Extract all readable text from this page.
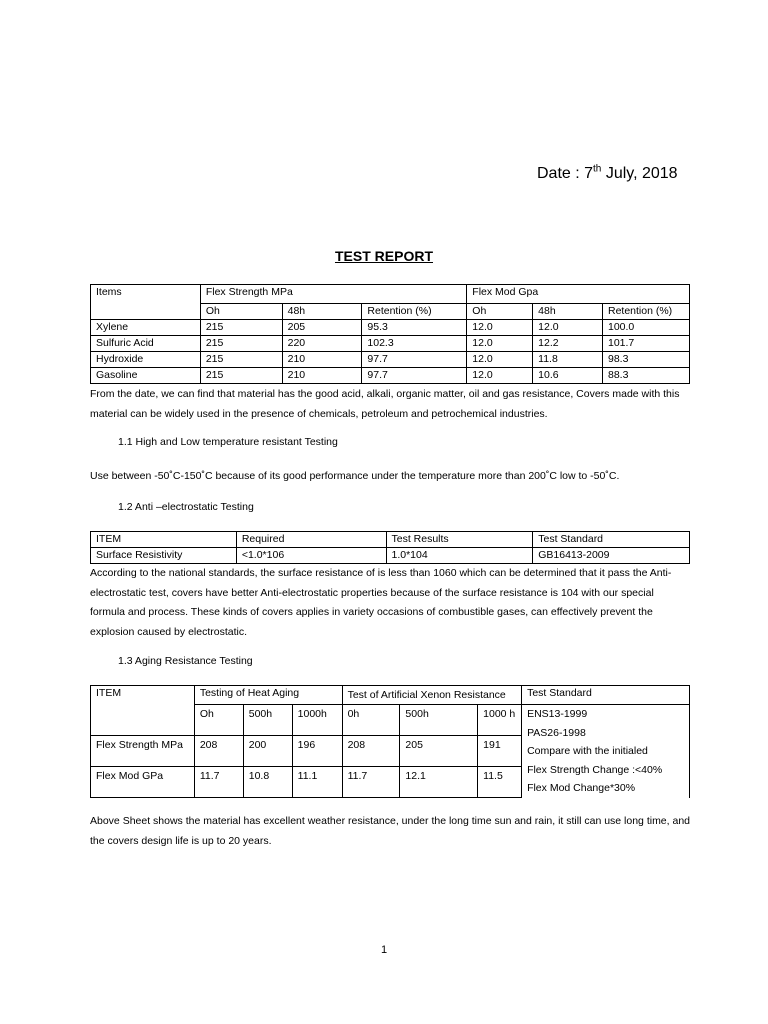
Date : 7th July, 2018
TEST REPORT
Items	Flex Strength MPa			Flex Mod Gpa		
	Oh	48h	Retention (%)	Oh	48h	Retention (%)
Xylene	215	205	95.3	12.0	12.0	100.0
Sulfuric Acid	215	220	102.3	12.0	12.2	101.7
Hydroxide	215	210	97.7	12.0	11.8	98.3
Gasoline	215	210	97.7	12.0	10.6	88.3
From the date, we can find that material has the good acid, alkali, organic matter, oil and gas resistance, Covers made with this material can be widely used in the presence of chemicals, petroleum and petrochemical industries.
1.1 High and Low temperature resistant Testing
Use between -50˚C-150˚C because of its good performance under the temperature more than 200˚C low to -50˚C.
1.2 Anti –electrostatic Testing
ITEM	Required	Test Results	Test Standard
Surface Resistivity	<1.0*106	1.0*104	GB16413-2009
According to the national standards, the surface resistance of is less than 1060 which can be determined that it pass the Anti-electrostatic test, covers have better Anti-electrostatic properties because of the surface resistance is 104 with our special formula and process. These kinds of covers applies in variety occasions of combustible gases, can effectively prevent the explosion caused by electrostatic.
1.3 Aging Resistance Testing
ITEM	Testing of Heat Aging			Test of Artificial Xenon Resistance			Test Standard
	Oh	500h	1000h	0h	500h	1000 h	ENS13-1999
PAS26-1998
Compare with the initialed
Flex Strength Change :<40%
Flex Mod Change*30%

Flex Strength MPa	208	200	196	208	205	191	
Flex Mod GPa	11.7	10.8	11.1	11.7	12.1	11.5	
Above Sheet shows the material has excellent weather resistance, under the long time sun and rain, it still can use long time, and the covers design life is up to 20 years.
1
